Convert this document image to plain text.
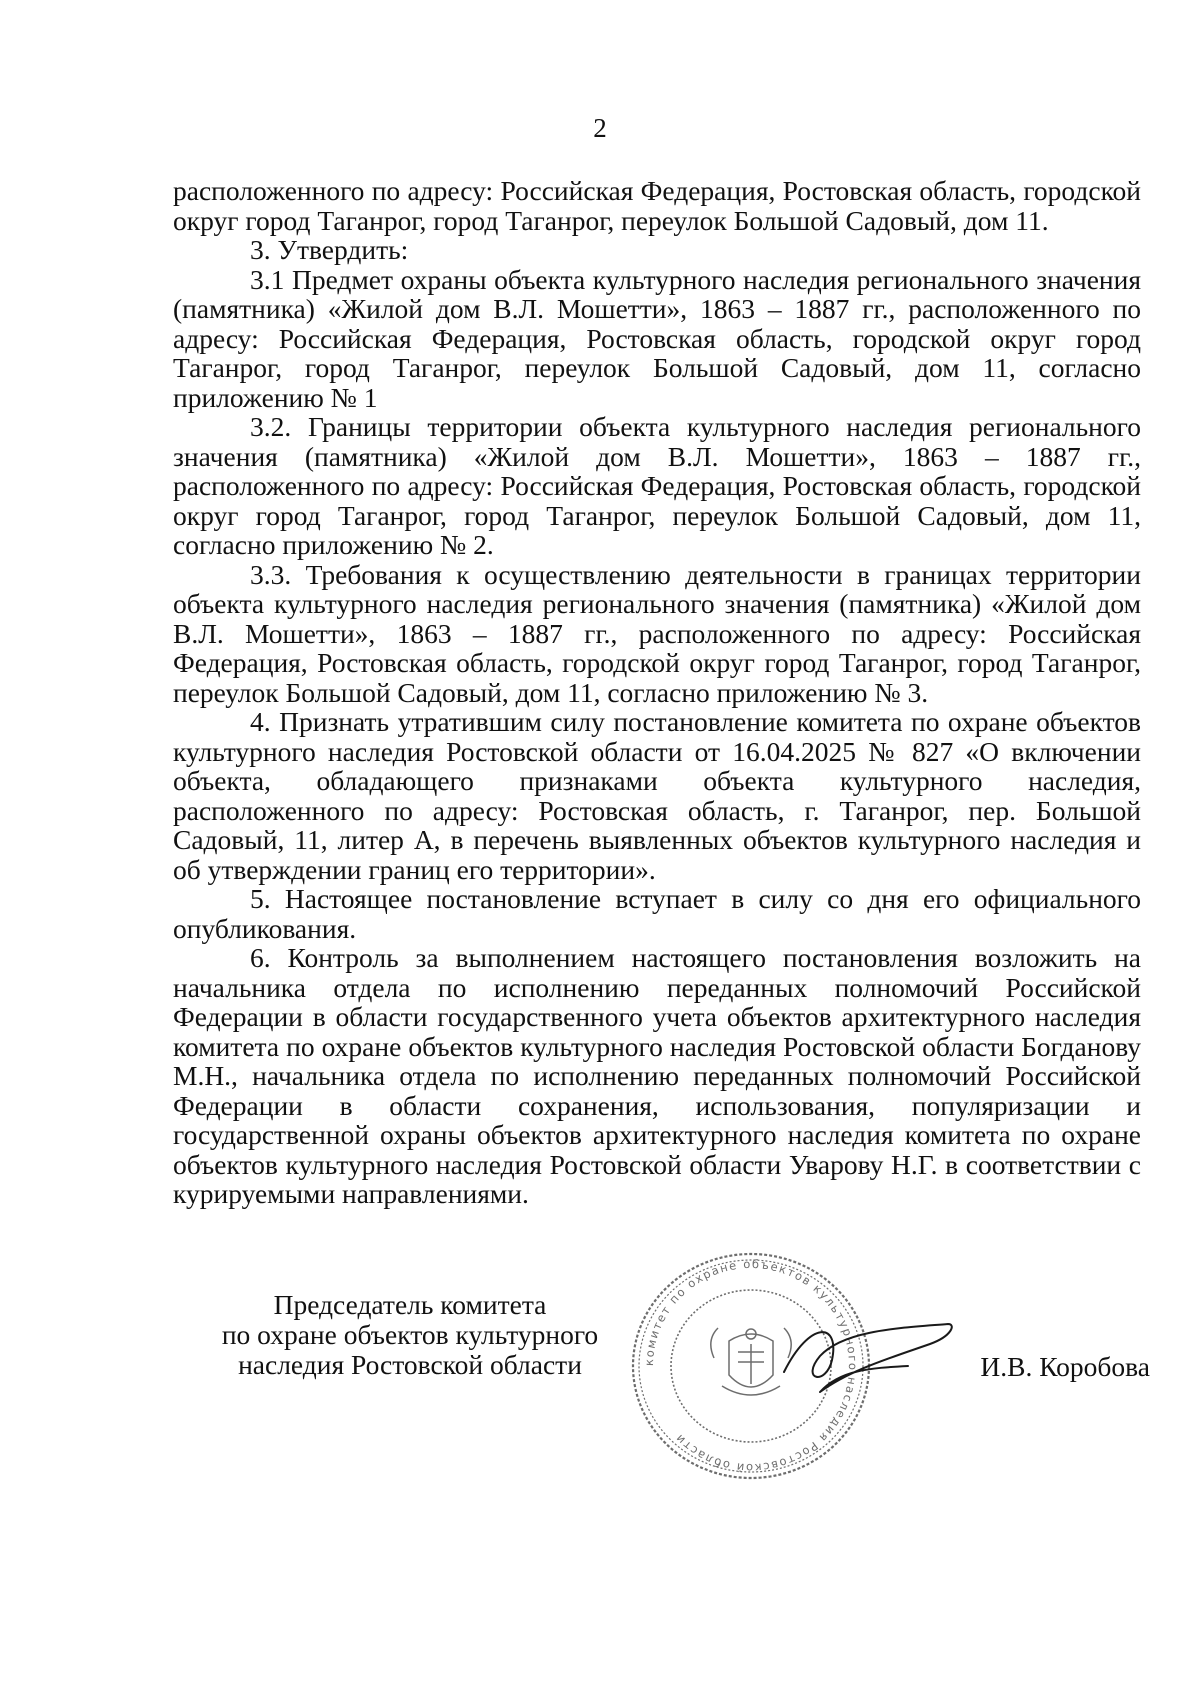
2

расположенного по адресу: Российская Федерация, Ростовская область, городской округ город Таганрог, город Таганрог, переулок Большой Садовый, дом 11.

3. Утвердить:

3.1 Предмет охраны объекта культурного наследия регионального значения (памятника) «Жилой дом В.Л. Мошетти», 1863 – 1887 гг., расположенного по адресу: Российская Федерация, Ростовская область, городской округ город Таганрог, город Таганрог, переулок Большой Садовый, дом 11, согласно приложению № 1

3.2. Границы территории объекта культурного наследия регионального значения (памятника) «Жилой дом В.Л. Мошетти», 1863 – 1887 гг., расположенного по адресу: Российская Федерация, Ростовская область, городской округ город Таганрог, город Таганрог, переулок Большой Садовый, дом 11, согласно приложению № 2.

3.3. Требования к осуществлению деятельности в границах территории объекта культурного наследия регионального значения (памятника) «Жилой дом В.Л. Мошетти», 1863 – 1887 гг., расположенного по адресу: Российская Федерация, Ростовская область, городской округ город Таганрог, город Таганрог, переулок Большой Садовый, дом 11, согласно приложению № 3.

4. Признать утратившим силу постановление комитета по охране объектов культурного наследия Ростовской области от 16.04.2025 № 827 «О включении объекта, обладающего признаками объекта культурного наследия, расположенного по адресу: Ростовская область, г. Таганрог, пер. Большой Садовый, 11, литер А, в перечень выявленных объектов культурного наследия и об утверждении границ его территории».

5. Настоящее постановление вступает в силу со дня его официального опубликования.

6. Контроль за выполнением настоящего постановления возложить на начальника отдела по исполнению переданных полномочий Российской Федерации в области государственного учета объектов архитектурного наследия комитета по охране объектов культурного наследия Ростовской области Богданову М.Н., начальника отдела по исполнению переданных полномочий Российской Федерации в области сохранения, использования, популяризации и государственной охраны объектов архитектурного наследия комитета по охране объектов культурного наследия Ростовской области Уварову Н.Г. в соответствии с курируемыми направлениями.

Председатель комитета
по охране объектов культурного
наследия Ростовской области	комитет по охране объектов культурного наследия Ростовской области
И.В. Коробова
